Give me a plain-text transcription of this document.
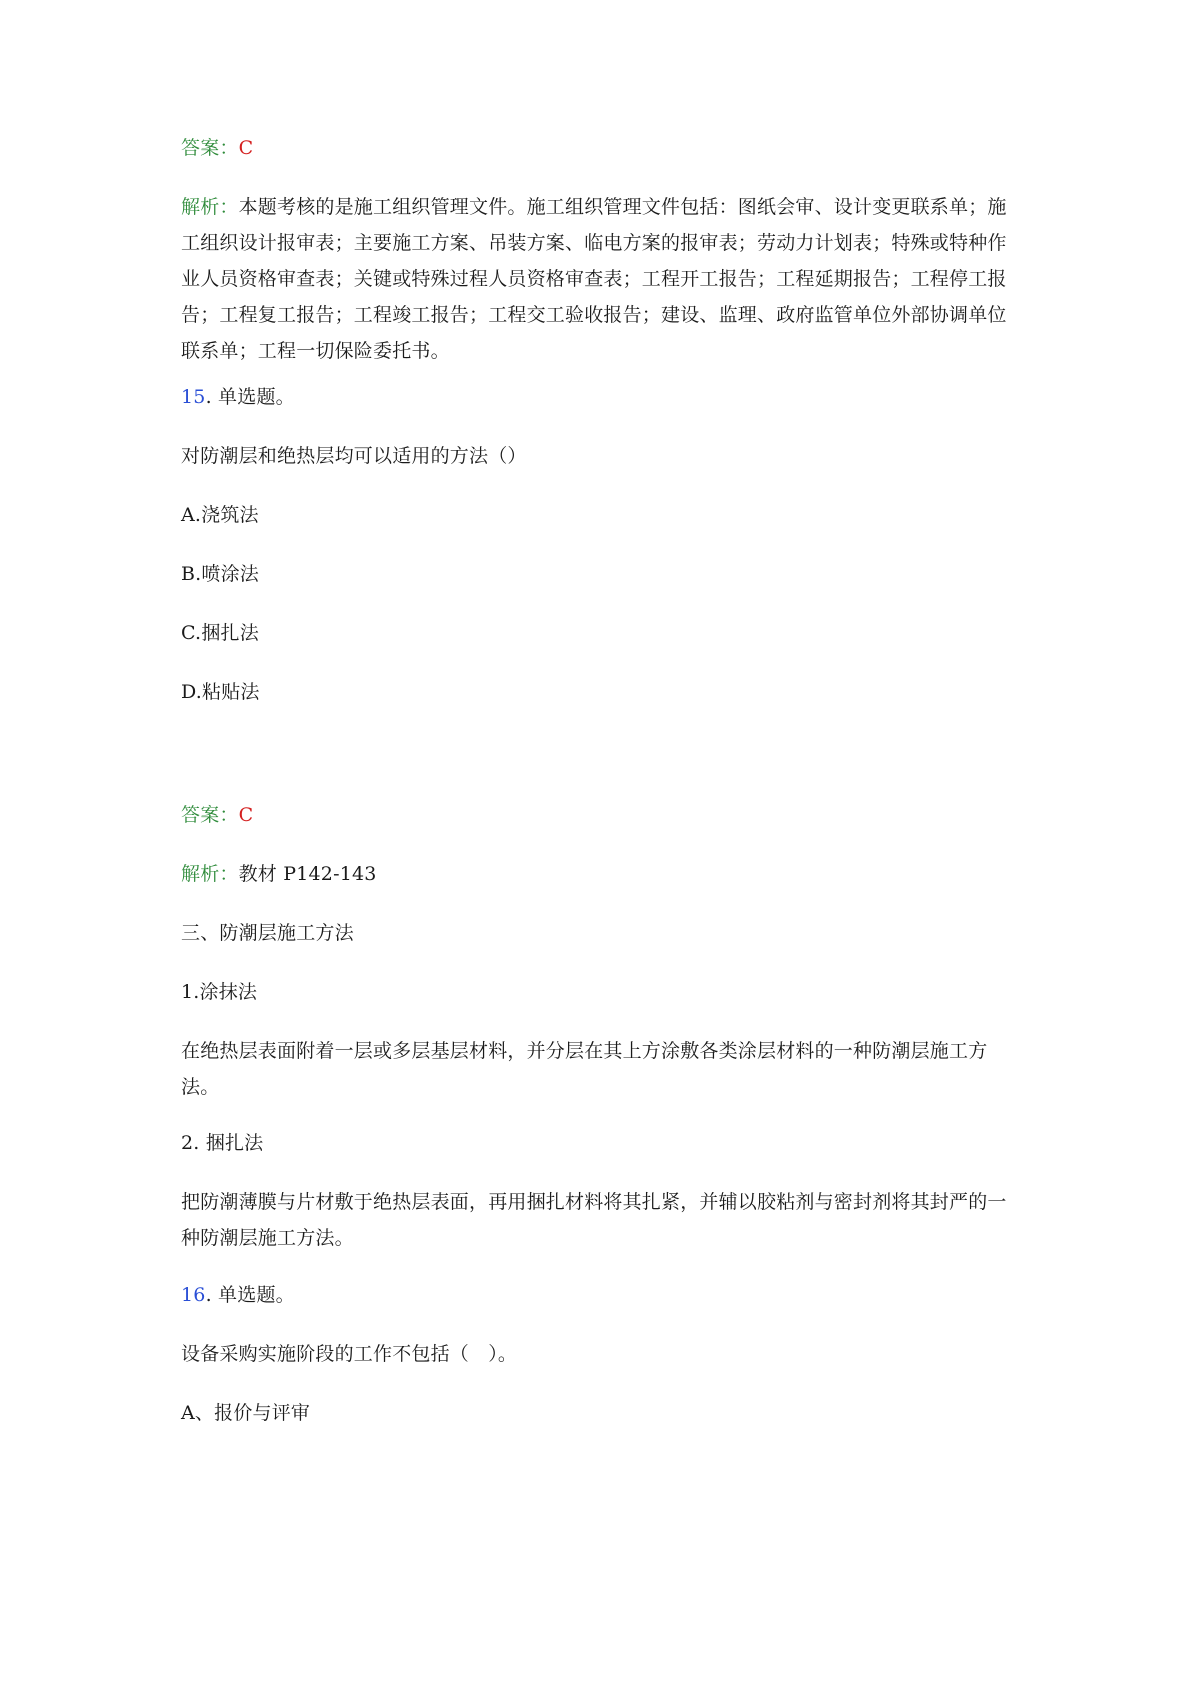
答案：C
解析：本题考核的是施工组织管理文件。施工组织管理文件包括：图纸会审、设计变更联系单；施工组织设计报审表；主要施工方案、吊装方案、临电方案的报审表；劳动力计划表；特殊或特种作业人员资格审查表；关键或特殊过程人员资格审查表；工程开工报告；工程延期报告；工程停工报告；工程复工报告；工程竣工报告；工程交工验收报告；建设、监理、政府监管单位外部协调单位联系单；工程一切保险委托书。
15. 单选题。
对防潮层和绝热层均可以适用的方法（）
A.浇筑法
B.喷涂法
C.捆扎法
D.粘贴法
答案：C
解析：教材 P142-143
三、防潮层施工方法
1.涂抹法
在绝热层表面附着一层或多层基层材料，并分层在其上方涂敷各类涂层材料的一种防潮层施工方法。
2. 捆扎法
把防潮薄膜与片材敷于绝热层表面，再用捆扎材料将其扎紧，并辅以胶粘剂与密封剂将其封严的一种防潮层施工方法。
16. 单选题。
设备采购实施阶段的工作不包括（　）。
A、报价与评审
